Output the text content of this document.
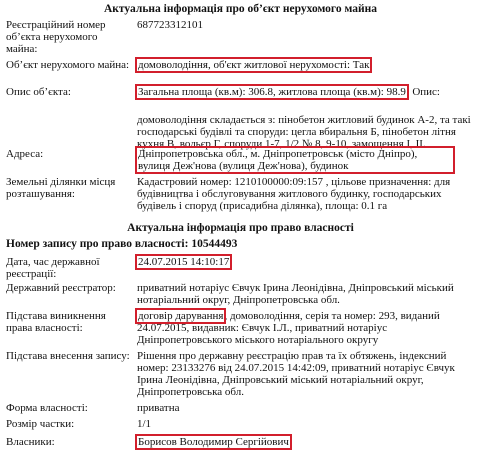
Актуальна інформація про об’єкт нерухомого майна
Реєстраційний номер об’єкта нерухомого майна:
687723312101
Об’єкт нерухомого майна: домоволодіння, об'єкт житлової нерухомості: Так
Опис об’єкта:	Загальна площа (кв.м): 306.8, житлова площа (кв.м): 98.9, Опис:
домоволодіння складається з: пінобетон житловий будинок А-2, та такі господарські будівлі та споруди: цегла вбиральня Б, пінобетон літня кухня В, вольєр Г, споруди 1-7, 1/2 № 8, 9-10, замощення І, II.
Адреса:	Дніпропетровська обл., м. Дніпропетровськ (місто Дніпро), вулиця Деж'нова (вулиця Деж'нова), будинок
Земельні ділянки місця розташування:
Кадастровий номер: 1210100000:09:157 , цільове призначення: для будівництва і обслуговування житлового будинку, господарських будівель і споруд (присадибна ділянка), площа: 0.1 га
Актуальна інформація про право власності
Номер запису про право власності: 10544493
Дата, час державної реєстрації:
24.07.2015 14:10:17
Державний реєстратор:	приватний нотаріус Євчук Ірина Леонідівна, Дніпровський міський нотаріальний округ, Дніпропетровська обл.
Підстава виникнення права власності:
договір дарування, домоволодіння, серія та номер: 293, виданий 24.07.2015, видавник: Євчук І.Л., приватний нотаріус Дніпропетровського міського нотаріального округу
Підстава внесення запису: Рішення про державну реєстрацію прав та їх обтяжень, індексний номер: 23133276 від 24.07.2015 14:42:09, приватний нотаріус Євчук Ірина Леонідівна, Дніпровський міський нотаріальний округ, Дніпропетровська обл.
Форма власності:	приватна
Розмір частки:	1/1
Власники:	Борисов Володимир Сергійович
